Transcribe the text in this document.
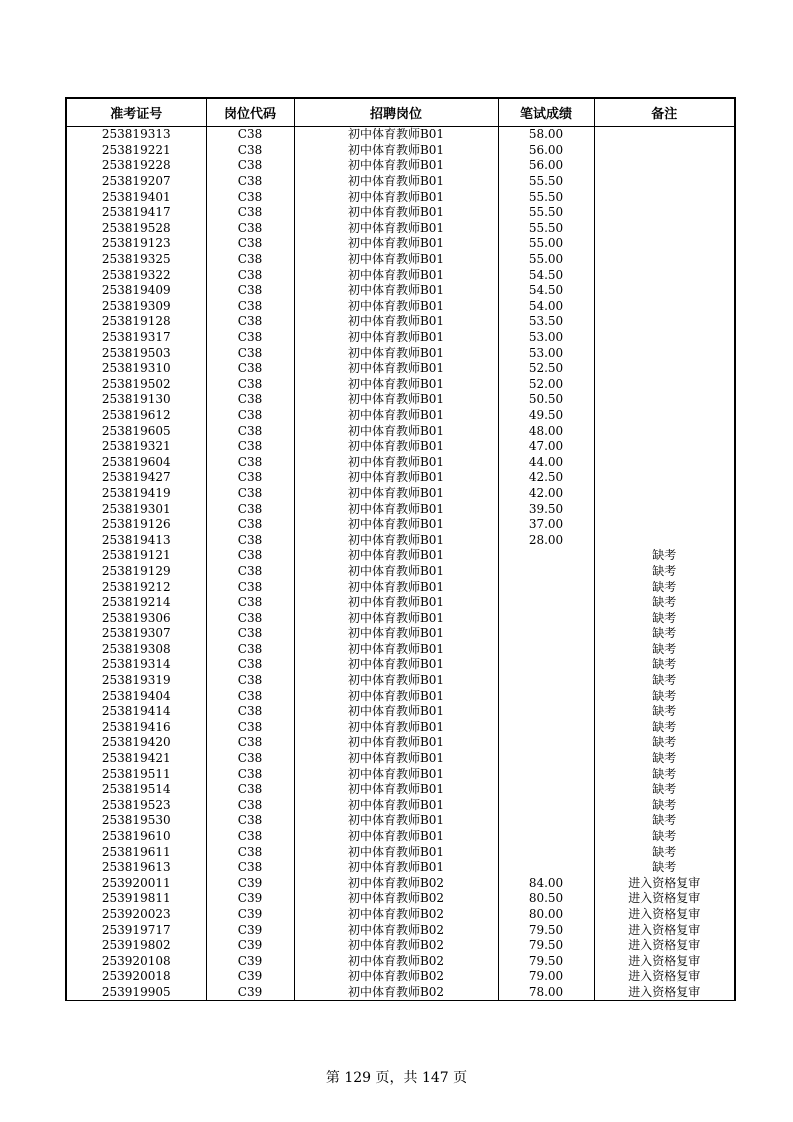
准考证号	岗位代码	招聘岗位	笔试成绩	备注
253819313	C38	初中体育教师B01	58.00	
253819221	C38	初中体育教师B01	56.00	
253819228	C38	初中体育教师B01	56.00	
253819207	C38	初中体育教师B01	55.50	
253819401	C38	初中体育教师B01	55.50	
253819417	C38	初中体育教师B01	55.50	
253819528	C38	初中体育教师B01	55.50	
253819123	C38	初中体育教师B01	55.00	
253819325	C38	初中体育教师B01	55.00	
253819322	C38	初中体育教师B01	54.50	
253819409	C38	初中体育教师B01	54.50	
253819309	C38	初中体育教师B01	54.00	
253819128	C38	初中体育教师B01	53.50	
253819317	C38	初中体育教师B01	53.00	
253819503	C38	初中体育教师B01	53.00	
253819310	C38	初中体育教师B01	52.50	
253819502	C38	初中体育教师B01	52.00	
253819130	C38	初中体育教师B01	50.50	
253819612	C38	初中体育教师B01	49.50	
253819605	C38	初中体育教师B01	48.00	
253819321	C38	初中体育教师B01	47.00	
253819604	C38	初中体育教师B01	44.00	
253819427	C38	初中体育教师B01	42.50	
253819419	C38	初中体育教师B01	42.00	
253819301	C38	初中体育教师B01	39.50	
253819126	C38	初中体育教师B01	37.00	
253819413	C38	初中体育教师B01	28.00	
253819121	C38	初中体育教师B01		缺考
253819129	C38	初中体育教师B01		缺考
253819212	C38	初中体育教师B01		缺考
253819214	C38	初中体育教师B01		缺考
253819306	C38	初中体育教师B01		缺考
253819307	C38	初中体育教师B01		缺考
253819308	C38	初中体育教师B01		缺考
253819314	C38	初中体育教师B01		缺考
253819319	C38	初中体育教师B01		缺考
253819404	C38	初中体育教师B01		缺考
253819414	C38	初中体育教师B01		缺考
253819416	C38	初中体育教师B01		缺考
253819420	C38	初中体育教师B01		缺考
253819421	C38	初中体育教师B01		缺考
253819511	C38	初中体育教师B01		缺考
253819514	C38	初中体育教师B01		缺考
253819523	C38	初中体育教师B01		缺考
253819530	C38	初中体育教师B01		缺考
253819610	C38	初中体育教师B01		缺考
253819611	C38	初中体育教师B01		缺考
253819613	C38	初中体育教师B01		缺考
253920011	C39	初中体育教师B02	84.00	进入资格复审
253919811	C39	初中体育教师B02	80.50	进入资格复审
253920023	C39	初中体育教师B02	80.00	进入资格复审
253919717	C39	初中体育教师B02	79.50	进入资格复审
253919802	C39	初中体育教师B02	79.50	进入资格复审
253920108	C39	初中体育教师B02	79.50	进入资格复审
253920018	C39	初中体育教师B02	79.00	进入资格复审
253919905	C39	初中体育教师B02	78.00	进入资格复审
第 129 页，共 147 页
